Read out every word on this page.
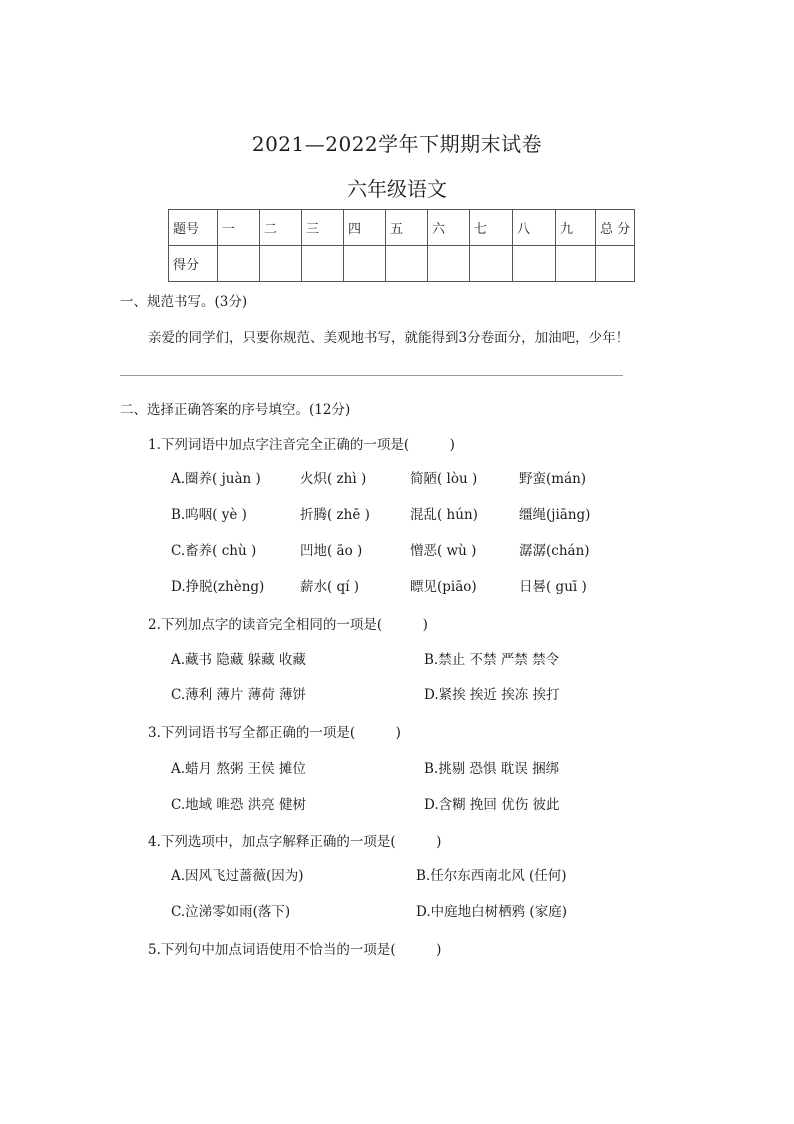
2021—2022学年下期期末试卷
六年级语文
题号	一	二	三	四	五	六	七	八	九	总 分
得分										
一、规范书写。(3分)
亲爱的同学们，只要你规范、美观地书写，就能得到3分卷面分，加油吧，少年！
二、选择正确答案的序号填空。(12分)
1.下列词语中加点字注音完全正确的一项是(　　　)
A.圈养( juàn )	火炽( zhì )	简陋( lòu )	野蛮(mán)
B.呜咽( yè )	折腾( zhē )	混乱( hún)	缰绳(jiāng)
C.畜养( chù )	凹地( āo )	憎恶( wù )	潺潺(chán)
D.挣脱(zhèng)	薪水( qí )	瞟见(piāo)	日晷( guī )
2.下列加点字的读音完全相同的一项是(　　　)
A.藏书 隐藏 躲藏 收藏	B.禁止 不禁 严禁 禁令
C.薄利 薄片 薄荷 薄饼	D.紧挨 挨近 挨冻 挨打
3.下列词语书写全都正确的一项是(　　　)
A.蜡月 熬粥 王侯 摊位	B.挑剔 恐惧 耽误 捆绑
C.地域 唯恐 洪亮 健树	D.含糊 挽回 优伤 彼此
4.下列选项中，加点字解释正确的一项是(　　　)
A.因风飞过蔷薇(因为)	B.任尔东西南北风 (任何)
C.泣涕零如雨(落下)	D.中庭地白树栖鸦 (家庭)
5.下列句中加点词语使用不恰当的一项是(　　　)
